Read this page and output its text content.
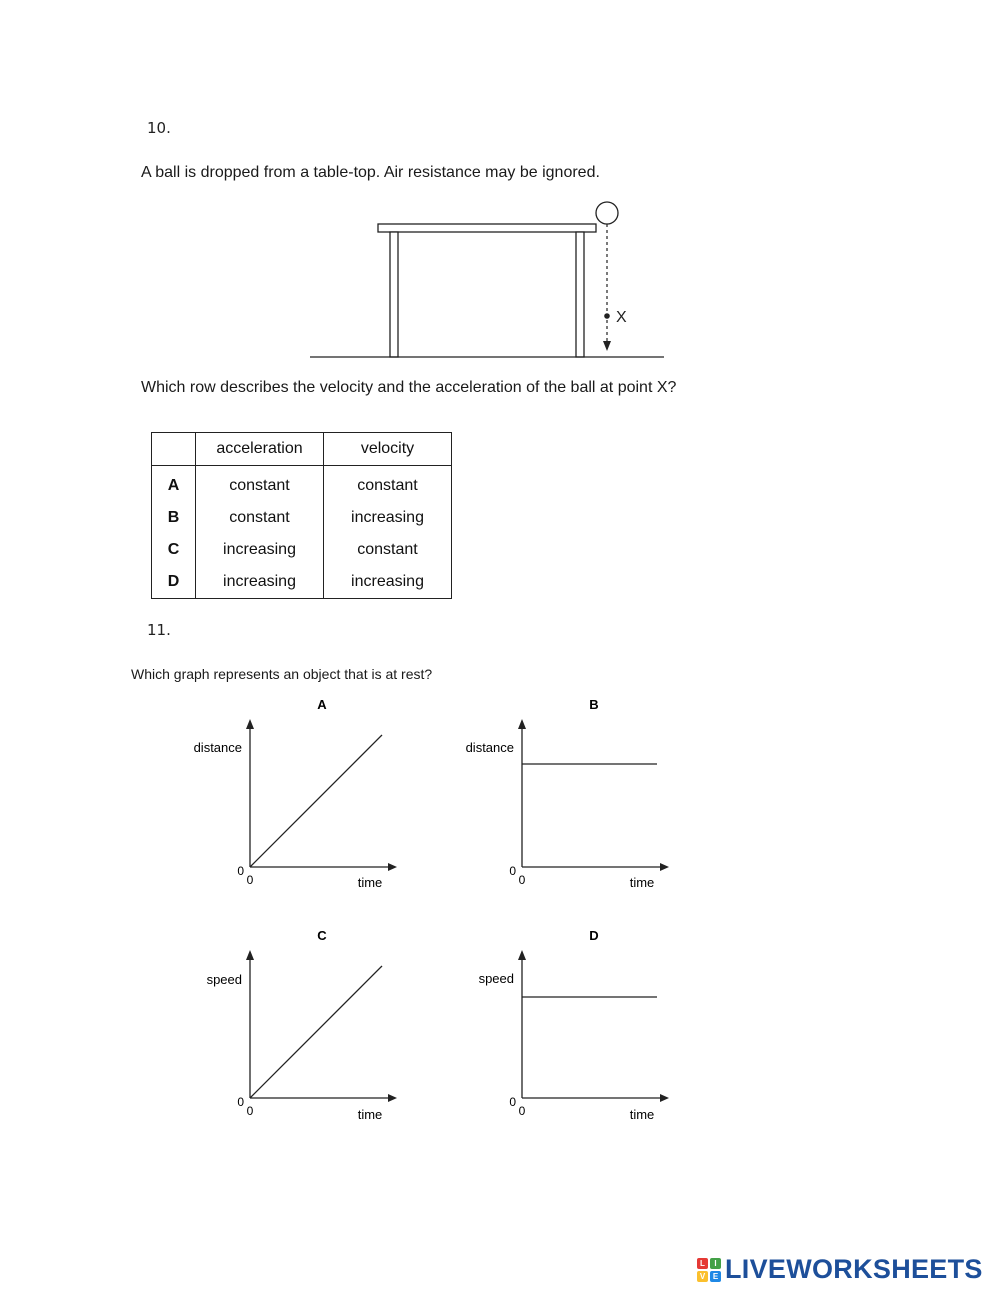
10.
A ball is dropped from a table-top. Air resistance may be ignored.
X
Which row describes the velocity and the acceleration of the ball at point X?
	acceleration	velocity
A	constant	constant
B	constant	increasing
C	increasing	constant
D	increasing	increasing
11.
Which graph represents an object that is at rest?
A
distance
time
0
0
B
distance
time
0
0
C
speed
time
0
0
D
speed
time
0
0
L	I
V E LIVEWORKSHEETS
